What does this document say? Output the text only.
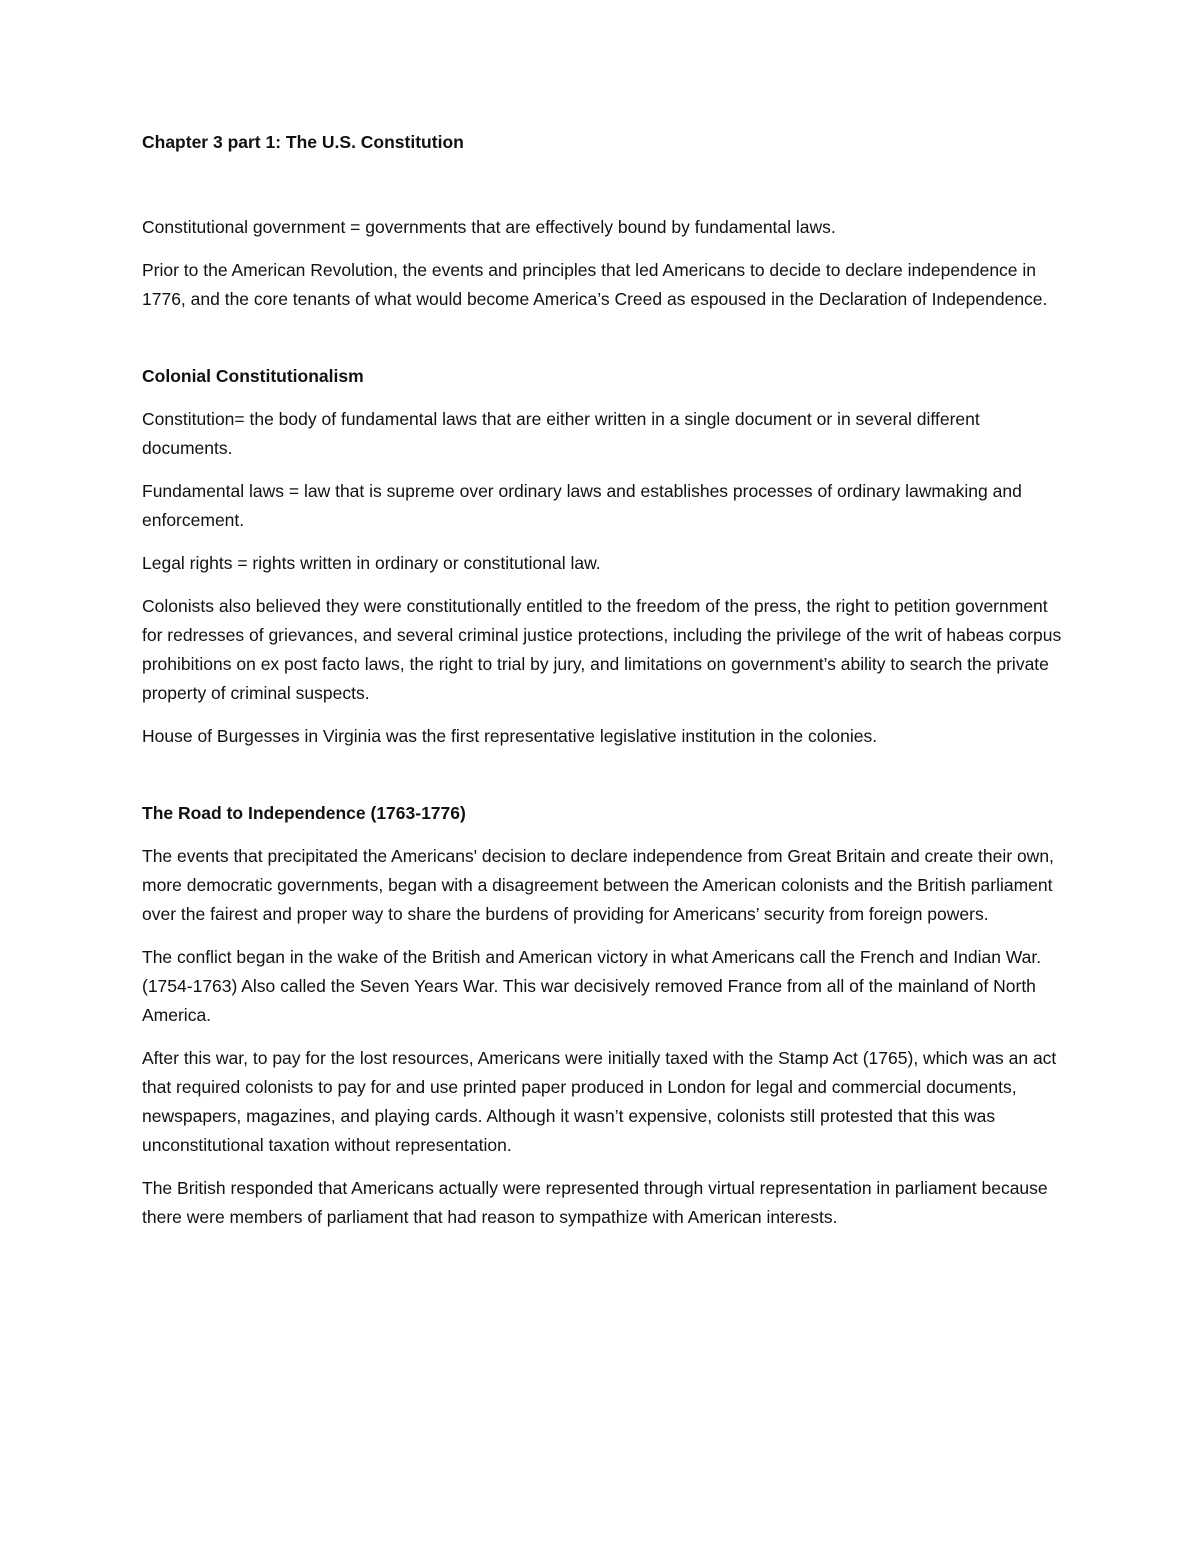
Chapter 3 part 1: The U.S. Constitution

Constitutional government = governments that are effectively bound by fundamental laws.

Prior to the American Revolution, the events and principles that led Americans to decide to declare independence in 1776, and the core tenants of what would become America’s Creed as espoused in the Declaration of Independence.

Colonial Constitutionalism

Constitution= the body of fundamental laws that are either written in a single document or in several different documents.

Fundamental laws = law that is supreme over ordinary laws and establishes processes of ordinary lawmaking and enforcement.

Legal rights = rights written in ordinary or constitutional law.

Colonists also believed they were constitutionally entitled to the freedom of the press, the right to petition government for redresses of grievances, and several criminal justice protections, including the privilege of the writ of habeas corpus prohibitions on ex post facto laws, the right to trial by jury, and limitations on government’s ability to search the private property of criminal suspects.

House of Burgesses in Virginia was the first representative legislative institution in the colonies.

The Road to Independence (1763-1776)

The events that precipitated the Americans' decision to declare independence from Great Britain and create their own, more democratic governments, began with a disagreement between the American colonists and the British parliament over the fairest and proper way to share the burdens of providing for Americans’ security from foreign powers.

The conflict began in the wake of the British and American victory in what Americans call the French and Indian War. (1754-1763) Also called the Seven Years War. This war decisively removed France from all of the mainland of North America.

After this war, to pay for the lost resources, Americans were initially taxed with the Stamp Act (1765), which was an act that required colonists to pay for and use printed paper produced in London for legal and commercial documents, newspapers, magazines, and playing cards. Although it wasn’t expensive, colonists still protested that this was unconstitutional taxation without representation.

The British responded that Americans actually were represented through virtual representation in parliament because there were members of parliament that had reason to sympathize with American interests.
